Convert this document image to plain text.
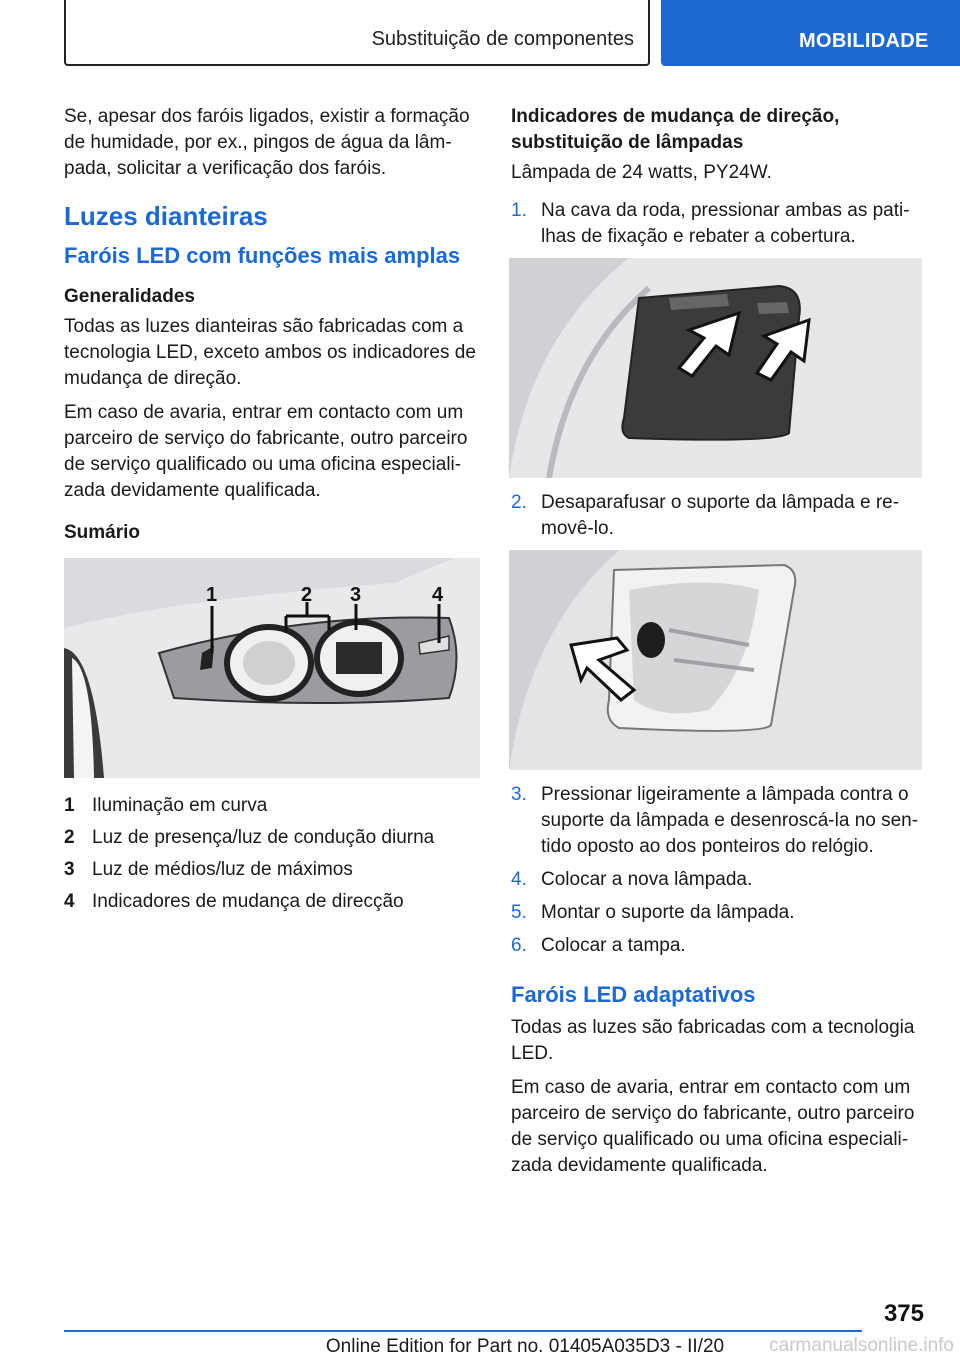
Substituição de componentes	MOBILIDADE

Se, apesar dos faróis ligados, existir a formação de humidade, por ex., pingos de água da lâmpada, solicitar a verificação dos faróis.

Luzes dianteiras
Faróis LED com funções mais amplas
Generalidades

Todas as luzes dianteiras são fabricadas com a tecnologia LED, exceto ambos os indicadores de mudança de direção.

Em caso de avaria, entrar em contacto com um parceiro de serviço do fabricante, outro parceiro de serviço qualificado ou uma oficina especializada devidamente qualificada.

Sumário
1	2 3	4
1 Iluminação em curva
2 Luz de presença/luz de condução diurna
3 Luz de médios/luz de máximos
4 Indicadores de mudança de direcção
Indicadores de mudança de direção, substituição de lâmpadas

Lâmpada de 24 watts, PY24W.

1. Na cava da roda, pressionar ambas as patilhas de fixação e rebater a cobertura.
2. Desaparafusar o suporte da lâmpada e removê-lo.
3. Pressionar ligeiramente a lâmpada contra o suporte da lâmpada e desenroscá-la no sentido oposto ao dos ponteiros do relógio.
4. Colocar a nova lâmpada.
5. Montar o suporte da lâmpada.
6. Colocar a tampa.
Faróis LED adaptativos

Todas as luzes são fabricadas com a tecnologia LED.

Em caso de avaria, entrar em contacto com um parceiro de serviço do fabricante, outro parceiro de serviço qualificado ou uma oficina especializada devidamente qualificada.

375
Online Edition for Part no. 01405A035D3 - II/20	carmanualsonline.info
